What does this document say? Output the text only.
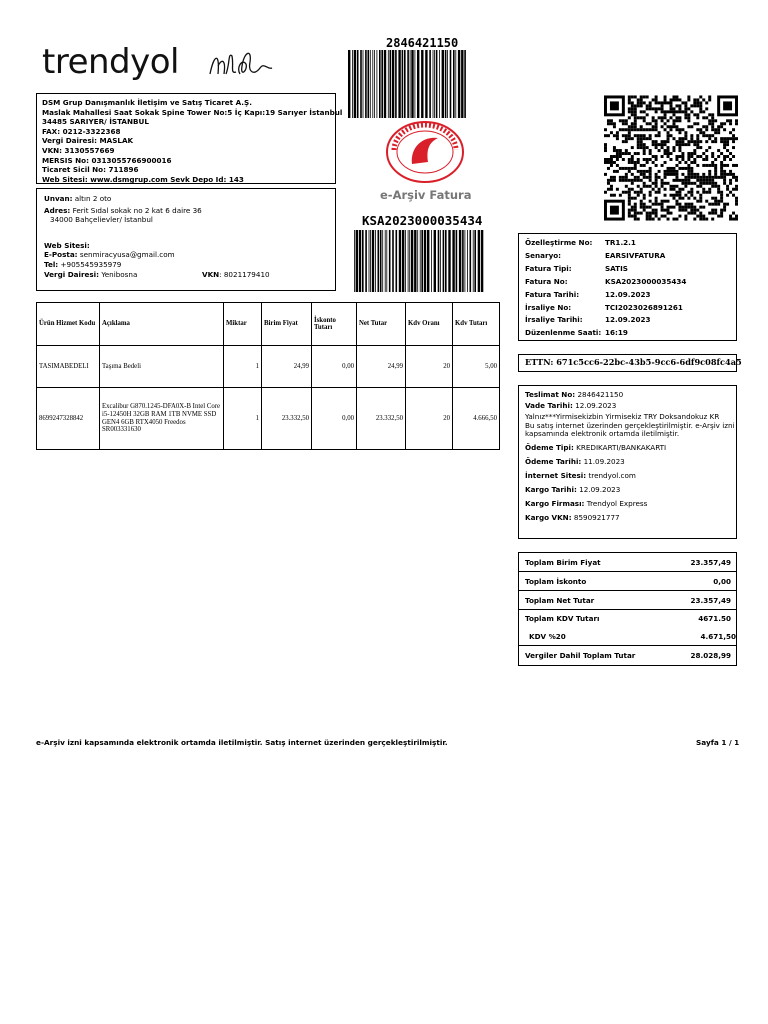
trendyol
DSM Grup Danışmanlık İletişim ve Satış Ticaret A.Ş.
Maslak Mahallesi Saat Sokak Spine Tower No:5 İç Kapı:19 Sarıyer İstanbul
34485 SARIYER/ İSTANBUL
FAX: 0212-3322368
Vergi Dairesi: MASLAK
VKN: 3130557669
MERSIS No: 0313055766900016
Ticaret Sicil No: 711896
Web Sitesi: www.dsmgrup.com Sevk Depo Id: 143
Unvan: altın 2 oto
Adres: Ferit Sıdal sokak no 2 kat 6 daire 36
34000 Bahçelievler/ İstanbul
Web Sitesi:
E-Posta: senmiracyusa@gmail.com
Tel: +905545935979
Vergi Dairesi: Yenibosna	VKN: 8021179410
2846421150
e-Arşiv Fatura
KSA2023000035434
Özelleştirme No:	TR1.2.1
Senaryo:	EARSIVFATURA
Fatura Tipi:	SATIS
Fatura No:	KSA2023000035434
Fatura Tarihi:	12.09.2023
İrsaliye No:	TCI2023026891261
İrsaliye Tarihi:	12.09.2023
Düzenlenme Saati: 16:19
ETTN: 671c5cc6-22bc-43b5-9cc6-6df9c08fc4a5
Ürün Hizmet Kodu	Açıklama	Miktar	Birim Fiyat	İskonto Tutarı	Net Tutar	Kdv Oranı	Kdv Tutarı
TASIMABEDELI	Taşıma Bedeli	1	24,99	0,00	24,99	20	5,00
8699247328842	Excalibur G870.1245-DFA0X-B Intel Core i5-12450H 32GB RAM 1TB NVME SSD GEN4 6GB RTX4050 Freedos SR003331630	1	23.332,50	0,00	23.332,50	20	4.666,50
Teslimat No: 2846421150
Vade Tarihi: 12.09.2023
Yalnız***Yirmisekizbin Yirmisekiz TRY Doksandokuz KR
Bu satış internet üzerinden gerçekleştirilmiştir. e-Arşiv izni
kapsamında elektronik ortamda iletilmiştir.
Ödeme Tipi: KREDIKARTI/BANKAKARTI
Ödeme Tarihi: 11.09.2023
İnternet Sitesi: trendyol.com
Kargo Tarihi: 12.09.2023
Kargo Firması: Trendyol Express
Kargo VKN: 8590921777
Toplam Birim Fiyat	23.357,49
Toplam İskonto	0,00
Toplam Net Tutar	23.357,49
Toplam KDV Tutarı	4671.50
KDV %20	4.671,50
Vergiler Dahil Toplam Tutar	28.028,99
e-Arşiv izni kapsamında elektronik ortamda iletilmiştir. Satış internet üzerinden gerçekleştirilmiştir.	Sayfa 1 / 1
